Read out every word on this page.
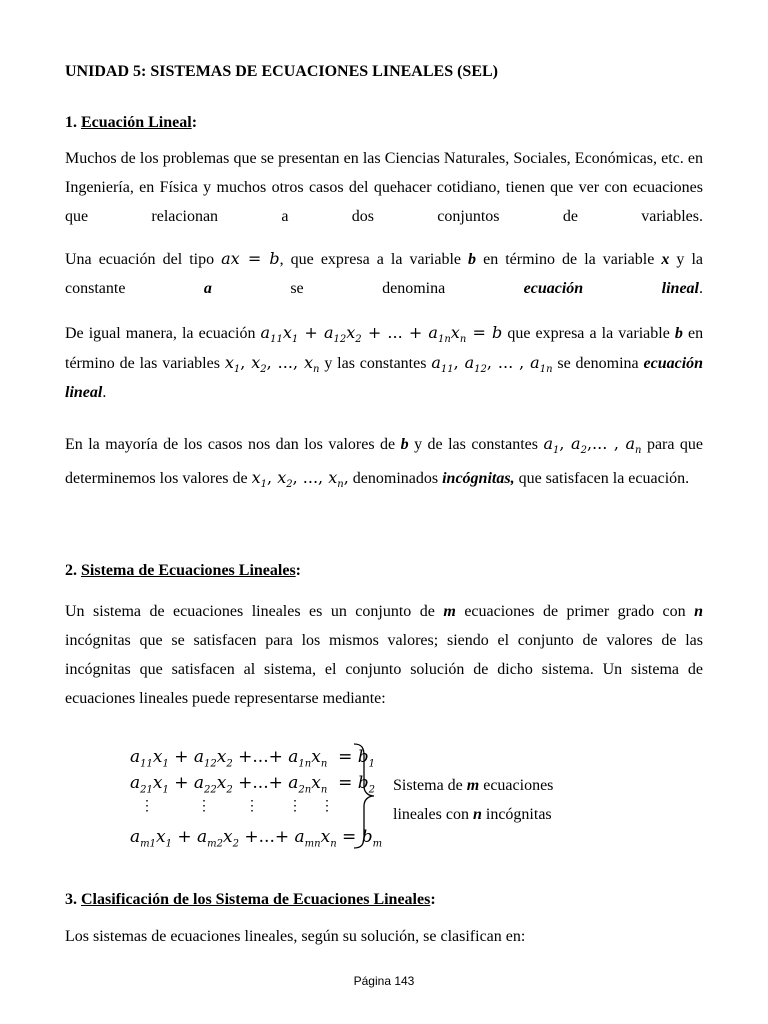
UNIDAD 5: SISTEMAS DE ECUACIONES LINEALES (SEL)
1. Ecuación Lineal:
Muchos de los problemas que se presentan en las Ciencias Naturales, Sociales, Económicas, etc. en Ingeniería, en Física y muchos otros casos del quehacer cotidiano, tienen que ver con ecuaciones que relacionan a dos conjuntos de variables.
Una ecuación del tipo ax = b, que expresa a la variable b en término de la variable x y la constante	a	se denomina	ecuación lineal.
De igual manera, la ecuación $a_{11}x_1 + a_{12}x_2$ + ... + $a_{1n}x_n = b$ que expresa a la variable b en término de las variables $x_1$, $x_2$, ..., $x_n$ y las constantes $a_{11}$, $a_{12}$, ... , $a_{1n}$ se denomina ecuación lineal.
En la mayoría de los casos nos dan los valores de b y de las constantes $a_1$, $a_2$,... , $a_n$ para que determinemos los valores de $x_1$, $x_2$, ..., $x_n$, denominados incógnitas, que satisfacen la ecuación.
2. Sistema de Ecuaciones Lineales:
Un sistema de ecuaciones lineales es un conjunto de m ecuaciones de primer grado con n incógnitas que se satisfacen para los mismos valores; siendo el conjunto de valores de las incógnitas que satisfacen al sistema, el conjunto solución de dicho sistema. Un sistema de ecuaciones lineales puede representarse mediante:
$a_{11}x_1 + a_{12}x_2$ +...+ $a_{1n}x_n = b_1$
$a_{21}x_1 + a_{22}x_2$ +...+ $a_{2n}x_n = b_2$
⋮	⋮ ⋮ ⋮ ⋮
$a_{m1}x_1 + a_{m2}x_2$ +...+ $a_{mn}x_n = b_m$
Sistema de m ecuaciones
lineales con n incógnitas
3. Clasificación de los Sistema de Ecuaciones Lineales:
Los sistemas de ecuaciones lineales, según su solución, se clasifican en:
Página 143
